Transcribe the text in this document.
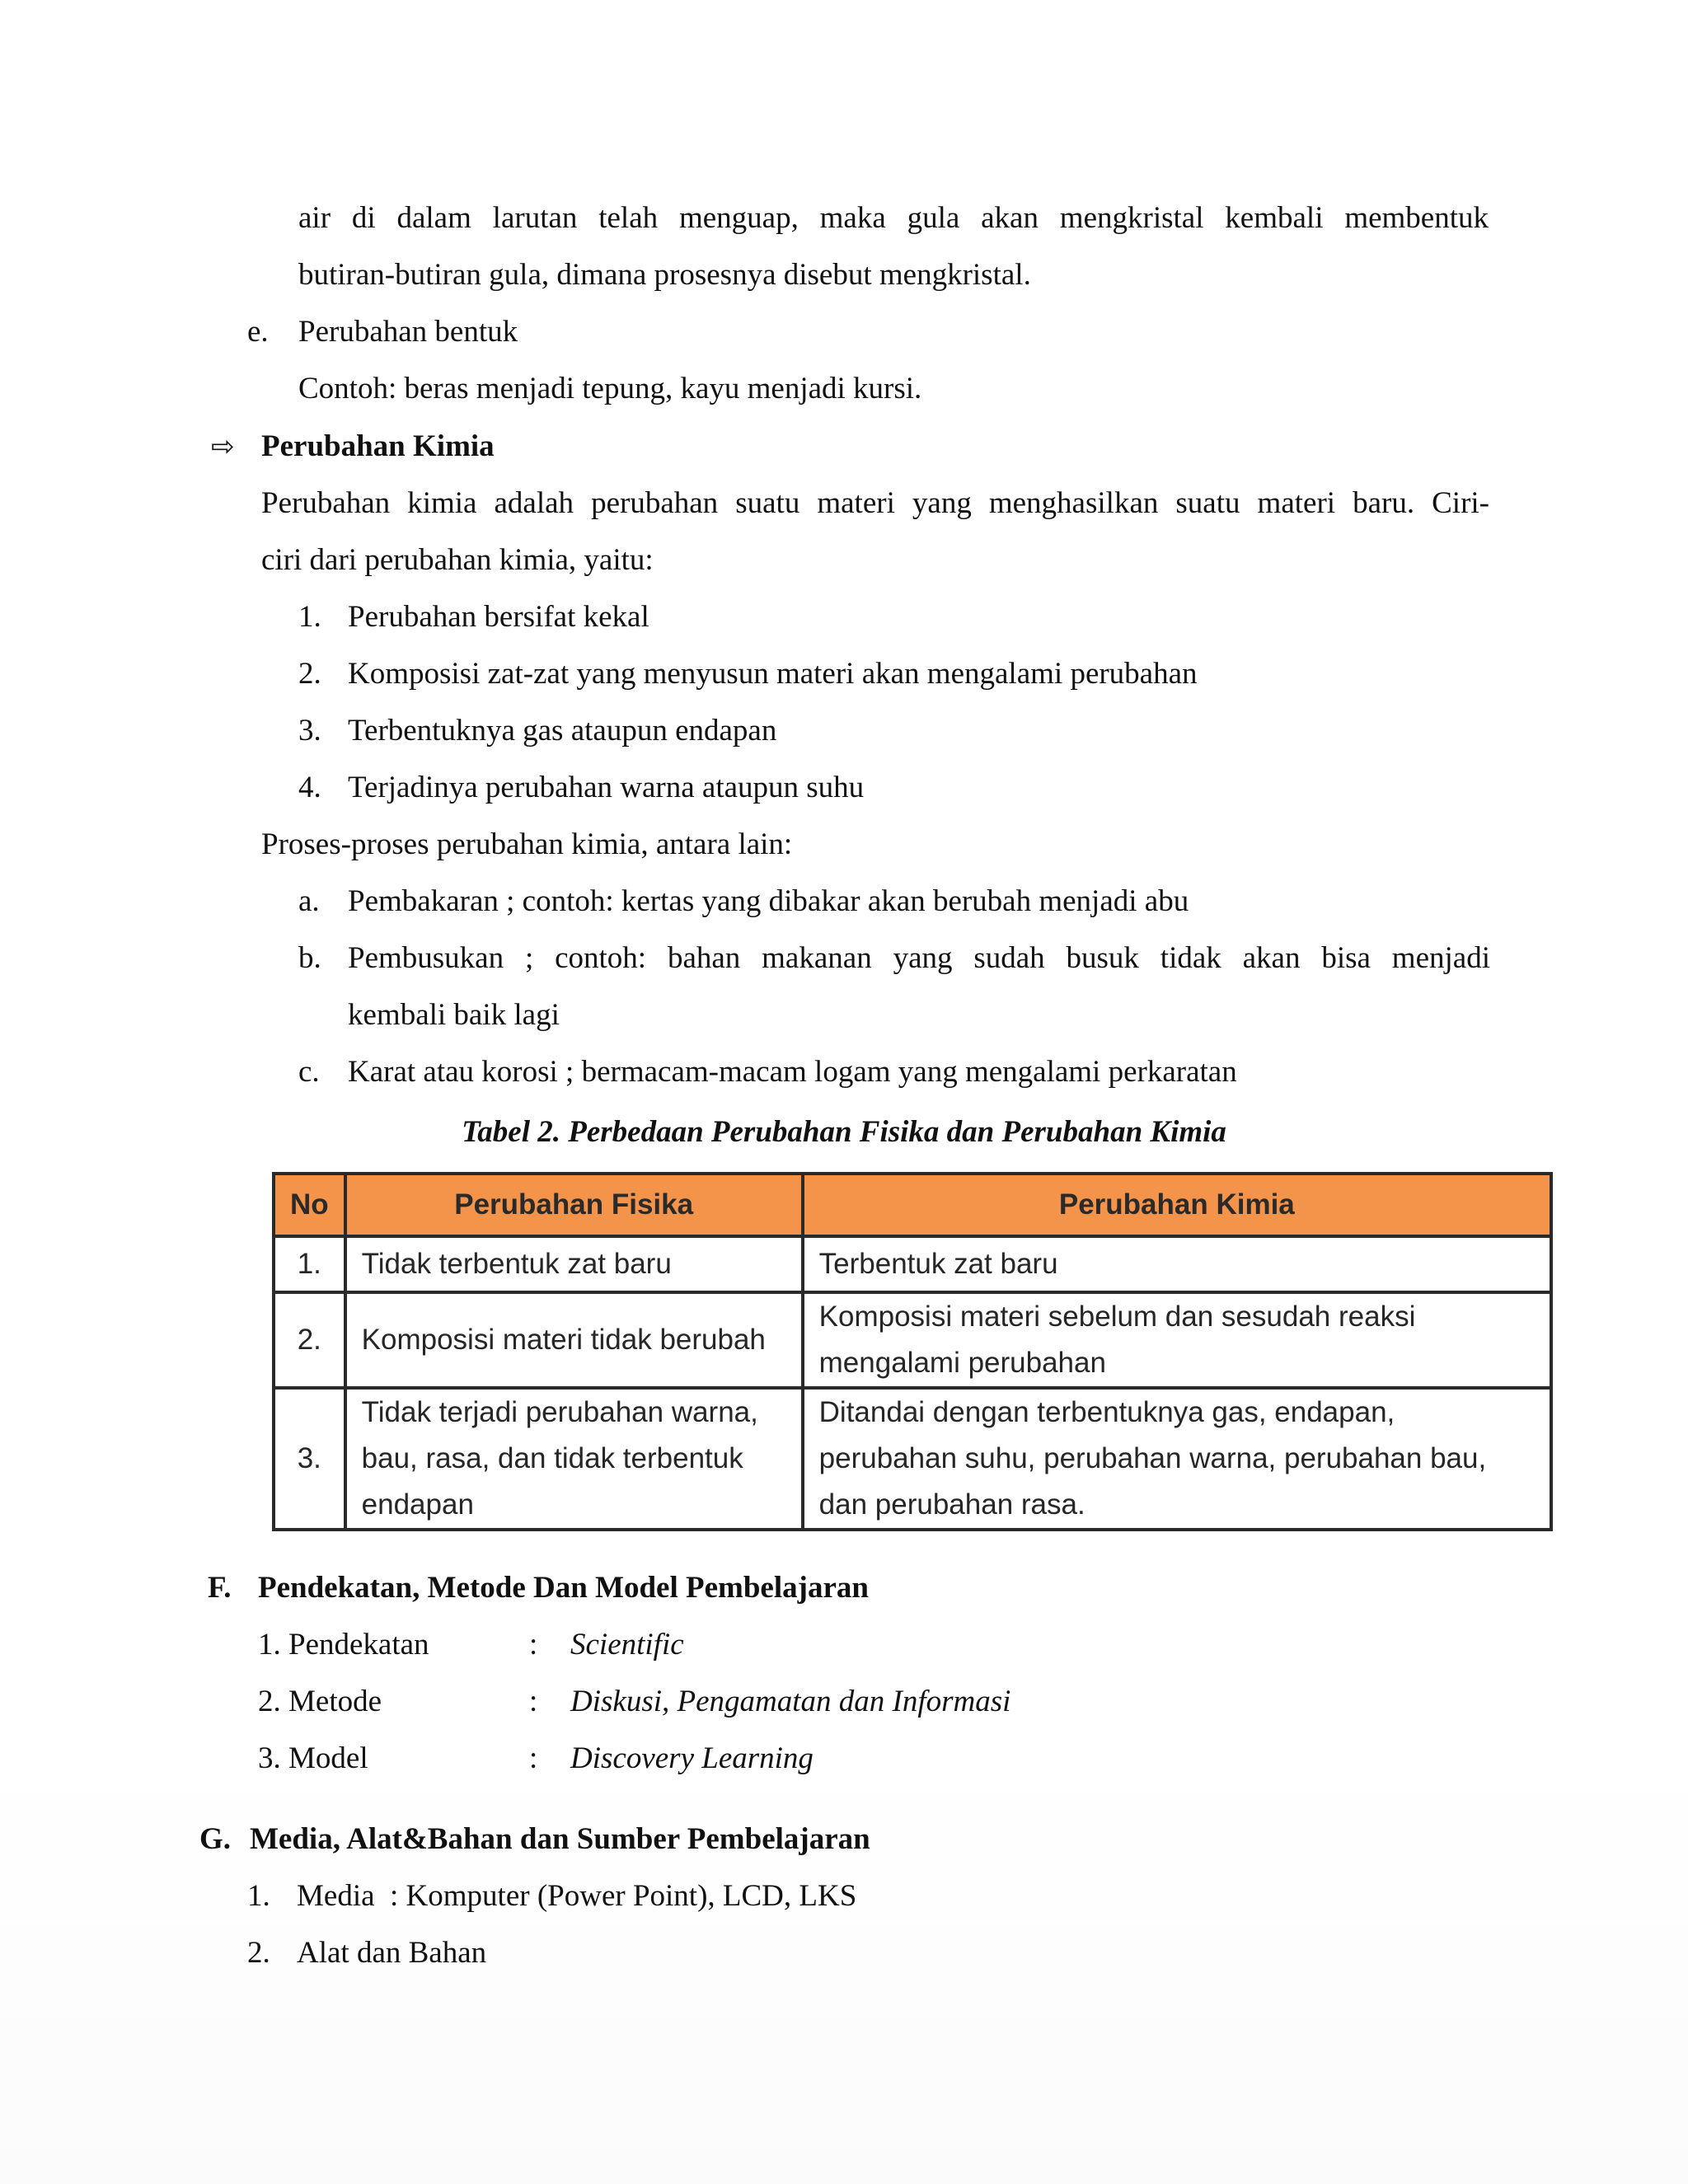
air di dalam larutan telah menguap, maka gula akan mengkristal kembali membentuk
butiran-butiran gula, dimana prosesnya disebut mengkristal.
e. Perubahan bentuk
Contoh: beras menjadi tepung, kayu menjadi kursi.
⇨ Perubahan Kimia
Perubahan kimia adalah perubahan suatu materi yang menghasilkan suatu materi baru. Ciri-
ciri dari perubahan kimia, yaitu:
1. Perubahan bersifat kekal
2. Komposisi zat-zat yang menyusun materi akan mengalami perubahan
3. Terbentuknya gas ataupun endapan
4. Terjadinya perubahan warna ataupun suhu
Proses-proses perubahan kimia, antara lain:
a. Pembakaran ; contoh: kertas yang dibakar akan berubah menjadi abu
b. Pembusukan ; contoh: bahan makanan yang sudah busuk tidak akan bisa menjadi
kembali baik lagi
c. Karat atau korosi ; bermacam-macam logam yang mengalami perkaratan
Tabel 2. Perbedaan Perubahan Fisika dan Perubahan Kimia
No	Perubahan Fisika	Perubahan Kimia
1.	Tidak terbentuk zat baru	Terbentuk zat baru
2.	Komposisi materi tidak berubah	Komposisi materi sebelum dan sesudah reaksi mengalami perubahan
3.	Tidak terjadi perubahan warna, bau, rasa, dan tidak terbentuk endapan	Ditandai dengan terbentuknya gas, endapan, perubahan suhu, perubahan warna, perubahan bau, dan perubahan rasa.
F. Pendekatan, Metode Dan Model Pembelajaran
1. Pendekatan	: Scientific
2. Metode	: Diskusi, Pengamatan dan Informasi
3. Model	: Discovery Learning
G. Media, Alat&Bahan dan Sumber Pembelajaran
1. Media  : Komputer (Power Point), LCD, LKS
2. Alat dan Bahan
